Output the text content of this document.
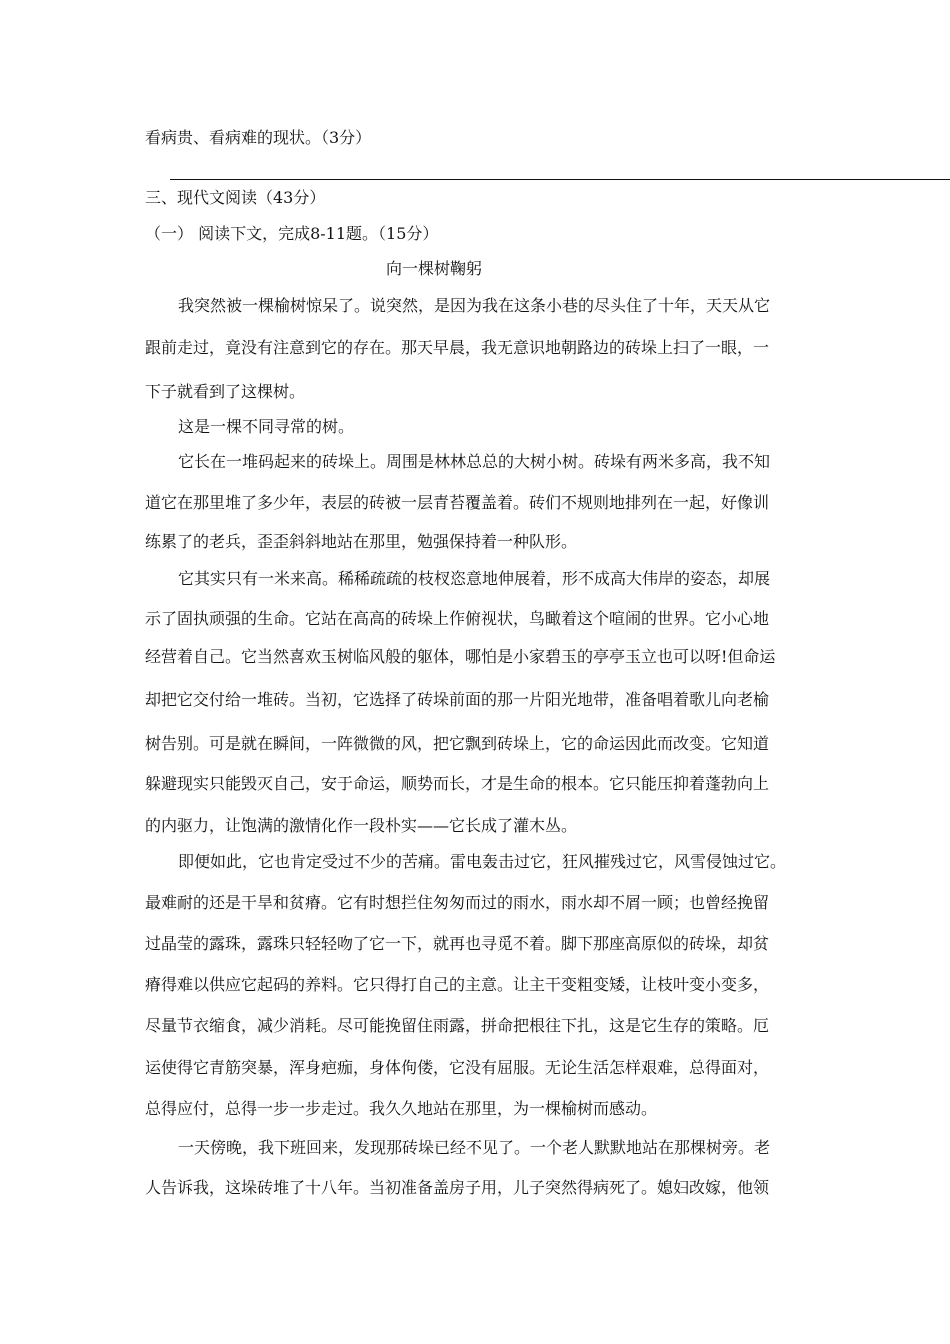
看病贵、看病难的现状。（3分）
三、现代文阅读（43分）
（一） 阅读下文，完成8-11题。（15分）
向一棵树鞠躬
我突然被一棵榆树惊呆了。说突然，是因为我在这条小巷的尽头住了十年，天天从它
跟前走过，竟没有注意到它的存在。那天早晨，我无意识地朝路边的砖垛上扫了一眼，一
下子就看到了这棵树。
这是一棵不同寻常的树。
它长在一堆码起来的砖垛上。周围是林林总总的大树小树。砖垛有两米多高，我不知
道它在那里堆了多少年，表层的砖被一层青苔覆盖着。砖们不规则地排列在一起，好像训
练累了的老兵，歪歪斜斜地站在那里，勉强保持着一种队形。
它其实只有一米来高。稀稀疏疏的枝杈恣意地伸展着，形不成高大伟岸的姿态，却展
示了固执顽强的生命。它站在高高的砖垛上作俯视状，鸟瞰着这个喧闹的世界。它小心地
经营着自己。它当然喜欢玉树临风般的躯体，哪怕是小家碧玉的亭亭玉立也可以呀!但命运
却把它交付给一堆砖。当初，它选择了砖垛前面的那一片阳光地带，准备唱着歌儿向老榆
树告别。可是就在瞬间，一阵微微的风，把它飘到砖垛上，它的命运因此而改变。它知道
躲避现实只能毁灭自己，安于命运，顺势而长，才是生命的根本。它只能压抑着蓬勃向上
的内驱力，让饱满的激情化作一段朴实——它长成了灌木丛。
即便如此，它也肯定受过不少的苦痛。雷电轰击过它，狂风摧残过它，风雪侵蚀过它。
最难耐的还是干旱和贫瘠。它有时想拦住匆匆而过的雨水，雨水却不屑一顾；也曾经挽留
过晶莹的露珠，露珠只轻轻吻了它一下，就再也寻觅不着。脚下那座高原似的砖垛，却贫
瘠得难以供应它起码的养料。它只得打自己的主意。让主干变粗变矮，让枝叶变小变多，
尽量节衣缩食，减少消耗。尽可能挽留住雨露，拼命把根往下扎，这是它生存的策略。厄
运使得它青筋突暴，浑身疤痂，身体佝偻，它没有屈服。无论生活怎样艰难，总得面对，
总得应付，总得一步一步走过。我久久地站在那里，为一棵榆树而感动。
一天傍晚，我下班回来，发现那砖垛已经不见了。一个老人默默地站在那棵树旁。老
人告诉我，这垛砖堆了十八年。当初准备盖房子用，儿子突然得病死了。媳妇改嫁，他领
